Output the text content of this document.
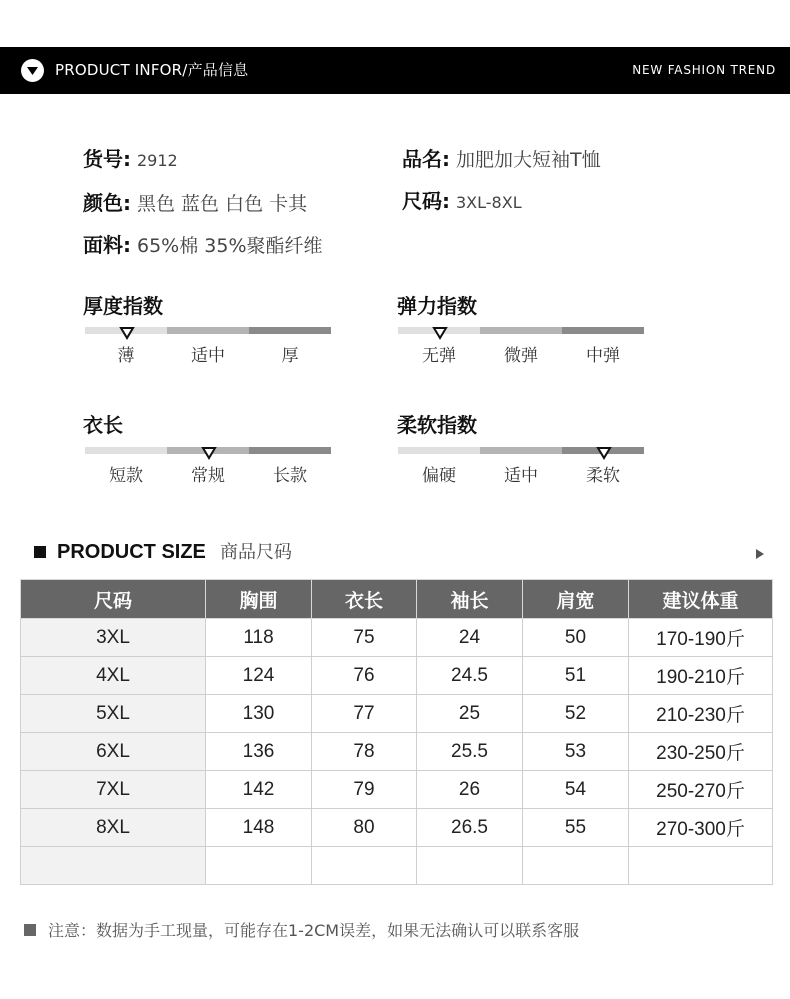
PRODUCT INFOR/产品信息	NEW FASHION TREND
货号: 2912	品名: 加肥加大短袖T恤
颜色: 黑色 蓝色 白色 卡其	尺码: 3XL-8XL
面料: 65%棉 35%聚酯纤维
厚度指数
薄	适中	厚
弹力指数
无弹	微弹	中弹
衣长
短款	常规	长款
柔软指数
偏硬	适中	柔软
PRODUCT SIZE 商品尺码
尺码	胸围	衣长	袖长	肩宽	建议体重
3XL	118	75	24	50	170-190斤
4XL	124	76	24.5	51	190-210斤
5XL	130	77	25	52	210-230斤
6XL	136	78	25.5	53	230-250斤
7XL	142	79	26	54	250-270斤
8XL	148	80	26.5	55	270-300斤

注意：数据为手工现量，可能存在1-2CM误差，如果无法确认可以联系客服
